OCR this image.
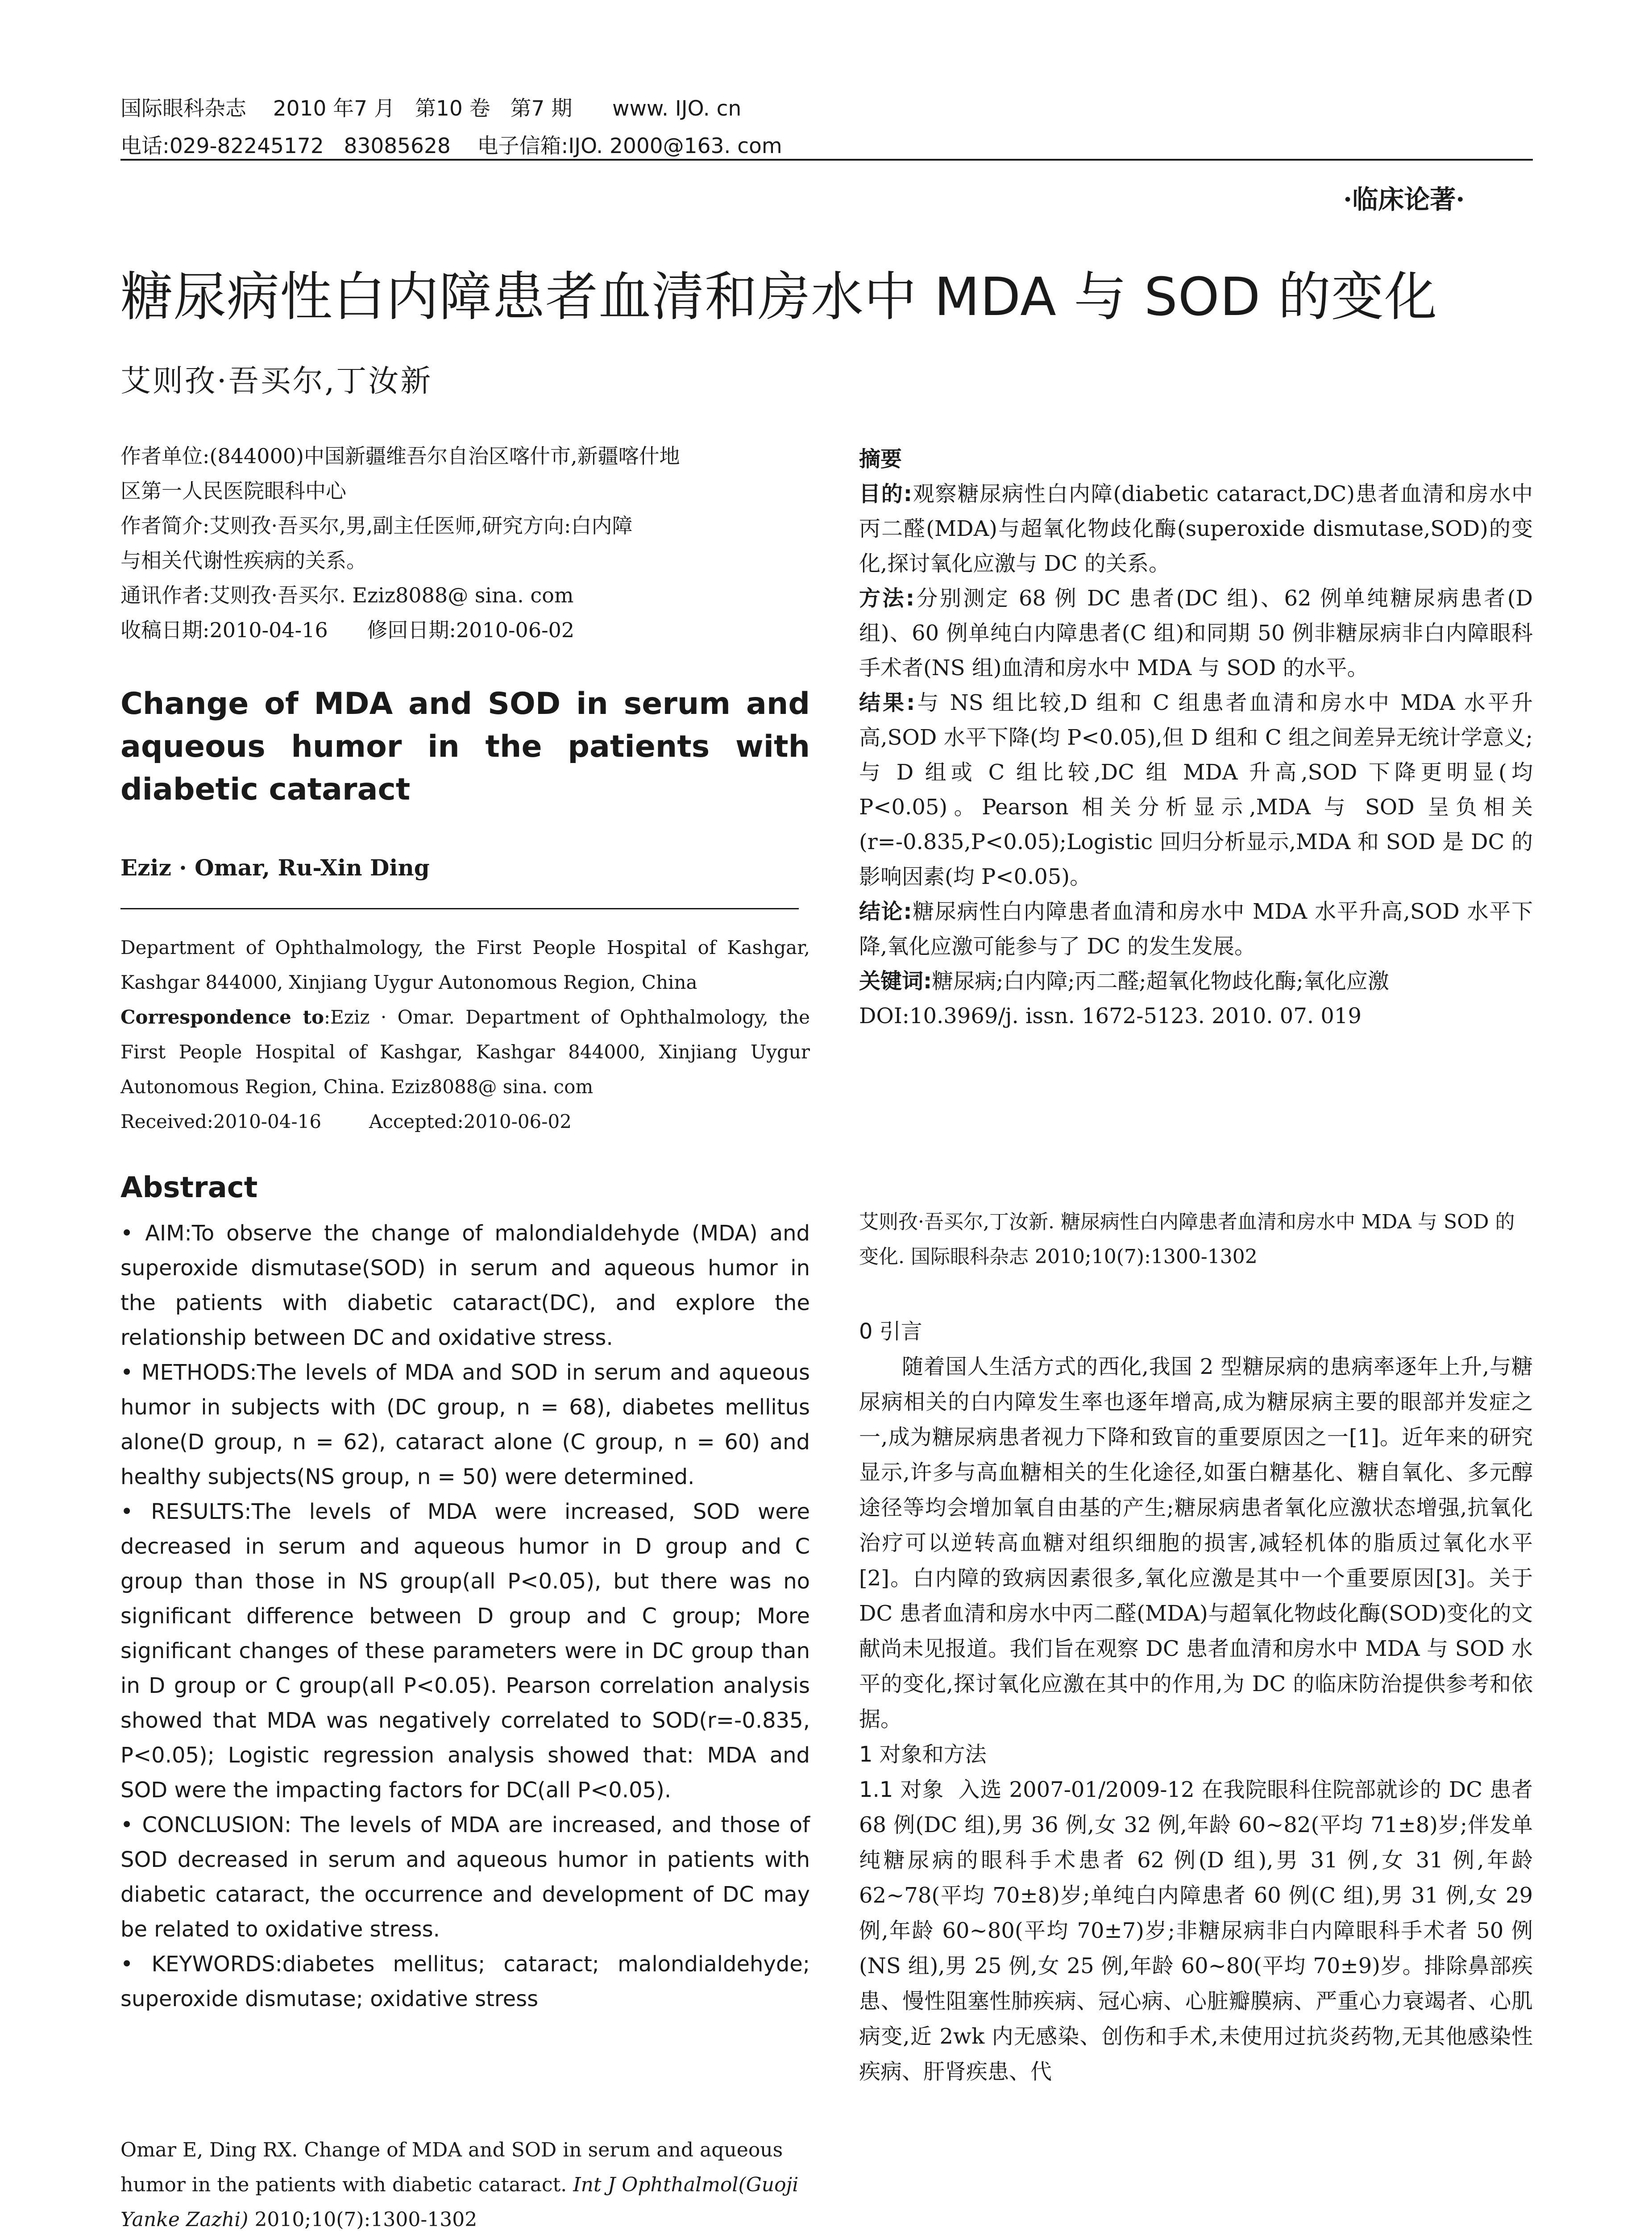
国际眼科杂志    2010 年7 月   第10 卷   第7 期      www. IJO. cn
电话:029-82245172   83085628    电子信箱:IJO. 2000@163. com
·临床论著·
糖尿病性白内障患者血清和房水中 MDA 与 SOD 的变化
艾则孜·吾买尔,丁汝新
作者单位:(844000)中国新疆维吾尔自治区喀什市,新疆喀什地
区第一人民医院眼科中心
作者简介:艾则孜·吾买尔,男,副主任医师,研究方向:白内障
与相关代谢性疾病的关系。
通讯作者:艾则孜·吾买尔. Eziz8088@ sina. com
收稿日期:2010-04-16      修回日期:2010-06-02
Change of MDA and SOD in serum and aqueous humor in the patients with diabetic cataract
Eziz · Omar, Ru-Xin Ding
Department of Ophthalmology, the First People Hospital of Kashgar, Kashgar 844000, Xinjiang Uygur Autonomous Region, China
Correspondence to:Eziz · Omar. Department of Ophthalmology, the First People Hospital of Kashgar, Kashgar 844000, Xinjiang Uygur Autonomous Region, China. Eziz8088@ sina. com
Received:2010-04-16        Accepted:2010-06-02
Abstract

• AIM:To observe the change of malondialdehyde (MDA) and superoxide dismutase(SOD) in serum and aqueous humor in the patients with diabetic cataract(DC), and explore the relationship between DC and oxidative stress.

• METHODS:The levels of MDA and SOD in serum and aqueous humor in subjects with (DC group, n = 68), diabetes mellitus alone(D group, n = 62), cataract alone (C group, n = 60) and healthy subjects(NS group, n = 50) were determined.

• RESULTS:The levels of MDA were increased, SOD were decreased in serum and aqueous humor in D group and C group than those in NS group(all P<0.05), but there was no significant difference between D group and C group; More significant changes of these parameters were in DC group than in D group or C group(all P<0.05). Pearson correlation analysis showed that MDA was negatively correlated to SOD(r=-0.835, P<0.05); Logistic regression analysis showed that: MDA and SOD were the impacting factors for DC(all P<0.05).

• CONCLUSION: The levels of MDA are increased, and those of SOD decreased in serum and aqueous humor in patients with diabetic cataract, the occurrence and development of DC may be related to oxidative stress.

• KEYWORDS:diabetes mellitus; cataract; malondialdehyde; superoxide dismutase; oxidative stress

Omar E, Ding RX. Change of MDA and SOD in serum and aqueous humor in the patients with diabetic cataract. Int J Ophthalmol(Guoji Yanke Zazhi) 2010;10(7):1300-1302

摘要

目的:观察糖尿病性白内障(diabetic cataract,DC)患者血清和房水中丙二醛(MDA)与超氧化物歧化酶(superoxide dismutase,SOD)的变化,探讨氧化应激与 DC 的关系。

方法:分别测定 68 例 DC 患者(DC 组)、62 例单纯糖尿病患者(D 组)、60 例单纯白内障患者(C 组)和同期 50 例非糖尿病非白内障眼科手术者(NS 组)血清和房水中 MDA 与 SOD 的水平。

结果:与 NS 组比较,D 组和 C 组患者血清和房水中 MDA 水平升高,SOD 水平下降(均 P<0.05),但 D 组和 C 组之间差异无统计学意义;与 D 组或 C 组比较,DC 组 MDA 升高,SOD 下降更明显(均 P<0.05)。Pearson 相关分析显示,MDA 与 SOD 呈负相关(r=-0.835,P<0.05);Logistic 回归分析显示,MDA 和 SOD 是 DC 的影响因素(均 P<0.05)。

结论:糖尿病性白内障患者血清和房水中 MDA 水平升高,SOD 水平下降,氧化应激可能参与了 DC 的发生发展。

关键词:糖尿病;白内障;丙二醛;超氧化物歧化酶;氧化应激

DOI:10.3969/j. issn. 1672-5123. 2010. 07. 019

艾则孜·吾买尔,丁汝新. 糖尿病性白内障患者血清和房水中 MDA 与 SOD 的变化. 国际眼科杂志 2010;10(7):1300-1302

0 引言

随着国人生活方式的西化,我国 2 型糖尿病的患病率逐年上升,与糖尿病相关的白内障发生率也逐年增高,成为糖尿病主要的眼部并发症之一,成为糖尿病患者视力下降和致盲的重要原因之一[1]。近年来的研究显示,许多与高血糖相关的生化途径,如蛋白糖基化、糖自氧化、多元醇途径等均会增加氧自由基的产生;糖尿病患者氧化应激状态增强,抗氧化治疗可以逆转高血糖对组织细胞的损害,减轻机体的脂质过氧化水平[2]。白内障的致病因素很多,氧化应激是其中一个重要原因[3]。关于 DC 患者血清和房水中丙二醛(MDA)与超氧化物歧化酶(SOD)变化的文献尚未见报道。我们旨在观察 DC 患者血清和房水中 MDA 与 SOD 水平的变化,探讨氧化应激在其中的作用,为 DC 的临床防治提供参考和依据。

1 对象和方法

1.1 对象 入选 2007-01/2009-12 在我院眼科住院部就诊的 DC 患者 68 例(DC 组),男 36 例,女 32 例,年龄 60~82(平均 71±8)岁;伴发单纯糖尿病的眼科手术患者 62 例(D 组),男 31 例,女 31 例,年龄 62~78(平均 70±8)岁;单纯白内障患者 60 例(C 组),男 31 例,女 29 例,年龄 60~80(平均 70±7)岁;非糖尿病非白内障眼科手术者 50 例(NS 组),男 25 例,女 25 例,年龄 60~80(平均 70±9)岁。排除鼻部疾患、慢性阻塞性肺疾病、冠心病、心脏瓣膜病、严重心力衰竭者、心肌病变,近 2wk 内无感染、创伤和手术,未使用过抗炎药物,无其他感染性疾病、肝肾疾患、代
